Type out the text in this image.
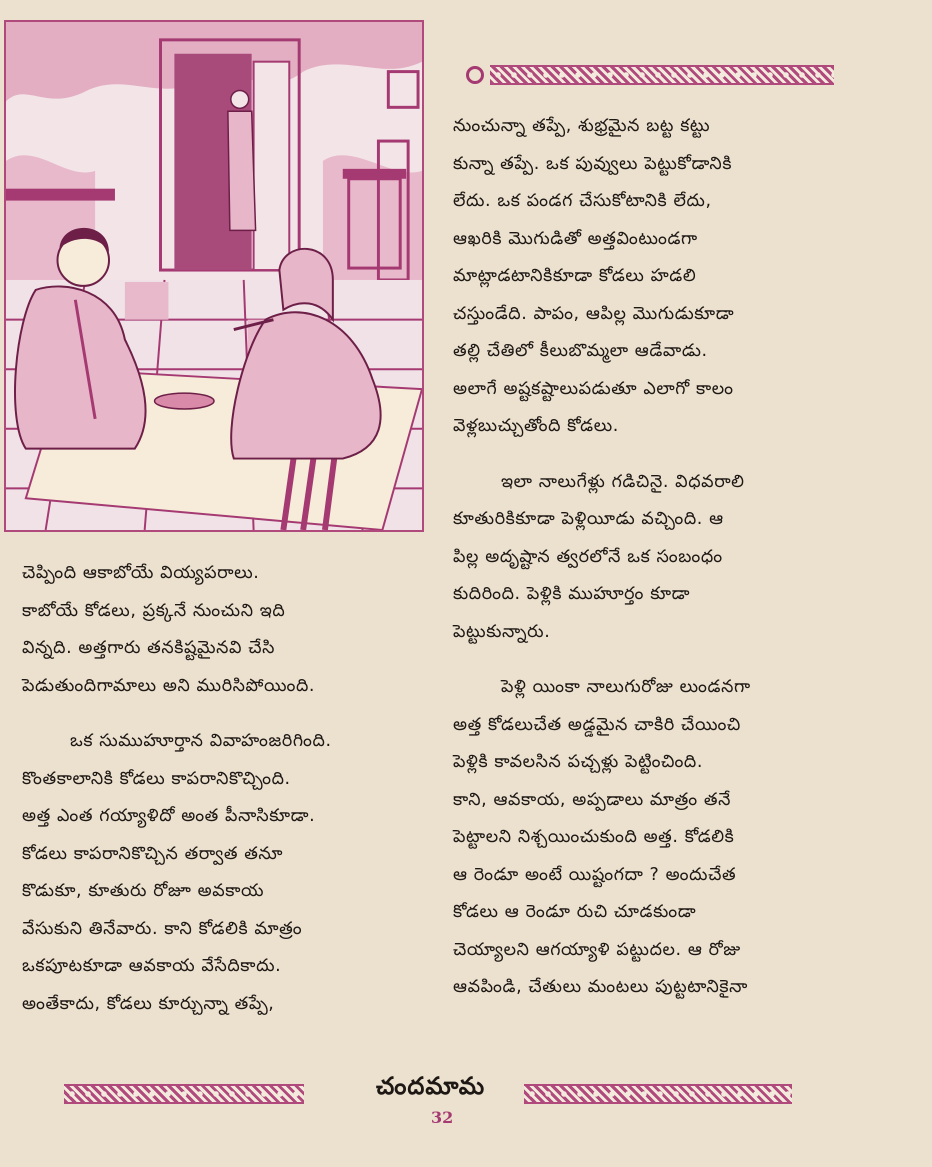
చెప్పింది ఆకాబోయే వియ్యపరాలు.

కాబోయే కోడలు, ప్రక్కనే నుంచుని ఇది

విన్నది. అత్తగారు తనకిష్టమైనవి చేసి

పెడుతుందిగామాలు అని మురిసిపోయింది.

ఒక సుముహూర్తాన వివాహంజరిగింది.

కొంతకాలానికి కోడలు కాపరానికొచ్చింది.

అత్త ఎంత గయ్యాళిదో అంత పీనాసికూడా.

కోడలు కాపరానికొచ్చిన తర్వాత తనూ

కొడుకూ, కూతురు రోజూ అవకాయ

వేసుకుని తినేవారు. కాని కోడలికి మాత్రం

ఒకపూటకూడా ఆవకాయ వేసేదికాదు.

అంతేకాదు, కోడలు కూర్చున్నా తప్పే,

నుంచున్నా తప్పే, శుభ్రమైన బట్ట కట్టు

కున్నా తప్పే. ఒక పువ్వులు పెట్టుకోడానికి

లేదు. ఒక పండగ చేసుకోటానికి లేదు,

ఆఖరికి మొగుడితో అత్తవింటుండగా

మాట్లాడటానికికూడా కోడలు హడలి

చస్తుండేది. పాపం, ఆపిల్ల మొగుడుకూడా

తల్లి చేతిలో కీలుబొమ్మలా ఆడేవాడు.

అలాగే అష్టకష్టాలుపడుతూ ఎలాగో కాలం

వెళ్లబుచ్చుతోంది కోడలు.

ఇలా నాలుగేళ్లు గడిచినై. విధవరాలి

కూతురికికూడా పెళ్లియీడు వచ్చింది. ఆ

పిల్ల అదృష్టాన త్వరలోనే ఒక సంబంధం

కుదిరింది. పెళ్లికి ముహూర్తం కూడా

పెట్టుకున్నారు.

పెళ్లి యింకా నాలుగురోజు లుండనగా

అత్త కోడలుచేత అడ్డమైన చాకిరి చేయించి

పెళ్లికి కావలసిన పచ్చళ్లు పెట్టించింది.

కాని, ఆవకాయ, అప్పడాలు మాత్రం తనే

పెట్టాలని నిశ్చయించుకుంది అత్త. కోడలికి

ఆ రెండూ అంటే యిష్టంగదా ? అందుచేత

కోడలు ఆ రెండూ రుచి చూడకుండా

చెయ్యాలని ఆగయ్యాళి పట్టుదల. ఆ రోజు

ఆవపిండి, చేతులు మంటలు పుట్టటానికైనా

చందమామ
32
